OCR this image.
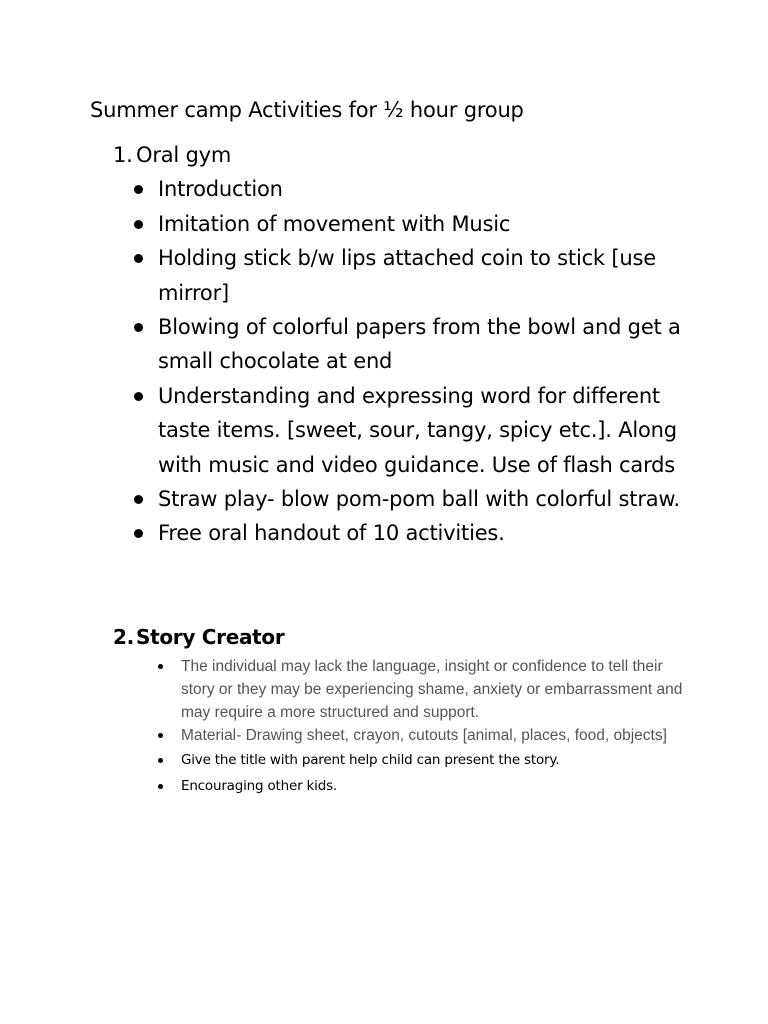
Summer camp Activities for ½ hour group
1. Oral gym
Introduction
Imitation of movement with Music
Holding stick b/w lips attached coin to stick [use mirror]
Blowing of colorful papers from the bowl and get a small chocolate at end
Understanding and expressing word for different taste items. [sweet, sour, tangy, spicy etc.]. Along with music and video guidance. Use of flash cards
Straw play- blow pom-pom ball with colorful straw.
Free oral handout of 10 activities.
2. Story Creator
The individual may lack the language, insight or confidence to tell their story or they may be experiencing shame, anxiety or embarrassment and may require a more structured and support.
Material- Drawing sheet, crayon, cutouts [animal, places, food, objects]
Give the title with parent help child can present the story.
Encouraging other kids.
